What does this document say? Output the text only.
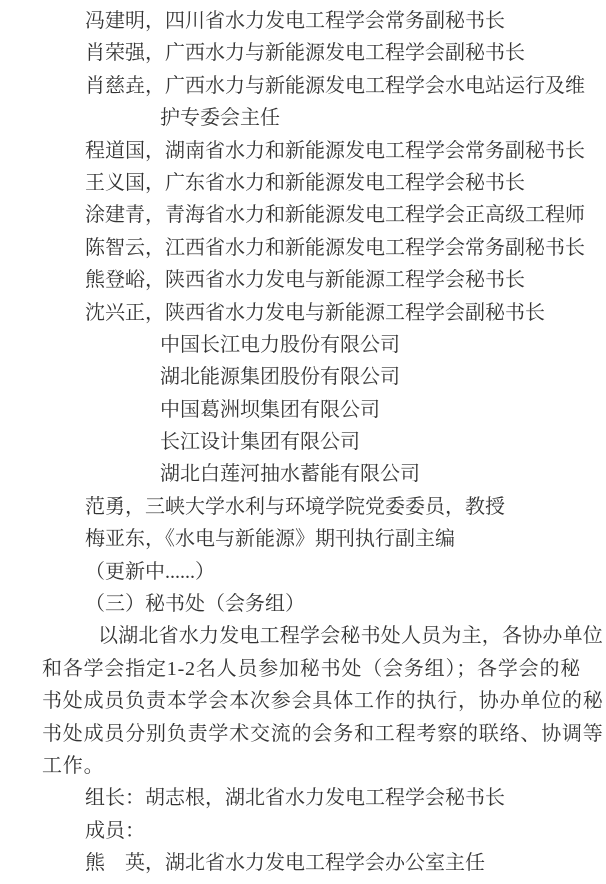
冯建明，四川省水力发电工程学会常务副秘书长
肖荣强，广西水力与新能源发电工程学会副秘书长
肖慈垚，广西水力与新能源发电工程学会水电站运行及维
护专委会主任
程道国，湖南省水力和新能源发电工程学会常务副秘书长
王义国，广东省水力和新能源发电工程学会秘书长
涂建青，青海省水力和新能源发电工程学会正高级工程师
陈智云，江西省水力和新能源发电工程学会常务副秘书长
熊登峪，陕西省水力发电与新能源工程学会秘书长
沈兴正，陕西省水力发电与新能源工程学会副秘书长
中国长江电力股份有限公司
湖北能源集团股份有限公司
中国葛洲坝集团有限公司
长江设计集团有限公司
湖北白莲河抽水蓄能有限公司
范勇，三峡大学水利与环境学院党委委员，教授
梅亚东，《水电与新能源》期刊执行副主编
（更新中......）
（三）秘书处（会务组）
以湖北省水力发电工程学会秘书处人员为主，各协办单位
和各学会指定1-2名人员参加秘书处（会务组）；各学会的秘
书处成员负责本学会本次参会具体工作的执行，协办单位的秘
书处成员分别负责学术交流的会务和工程考察的联络、协调等
工作。
组长：胡志根，湖北省水力发电工程学会秘书长
成员：
熊　英，湖北省水力发电工程学会办公室主任
